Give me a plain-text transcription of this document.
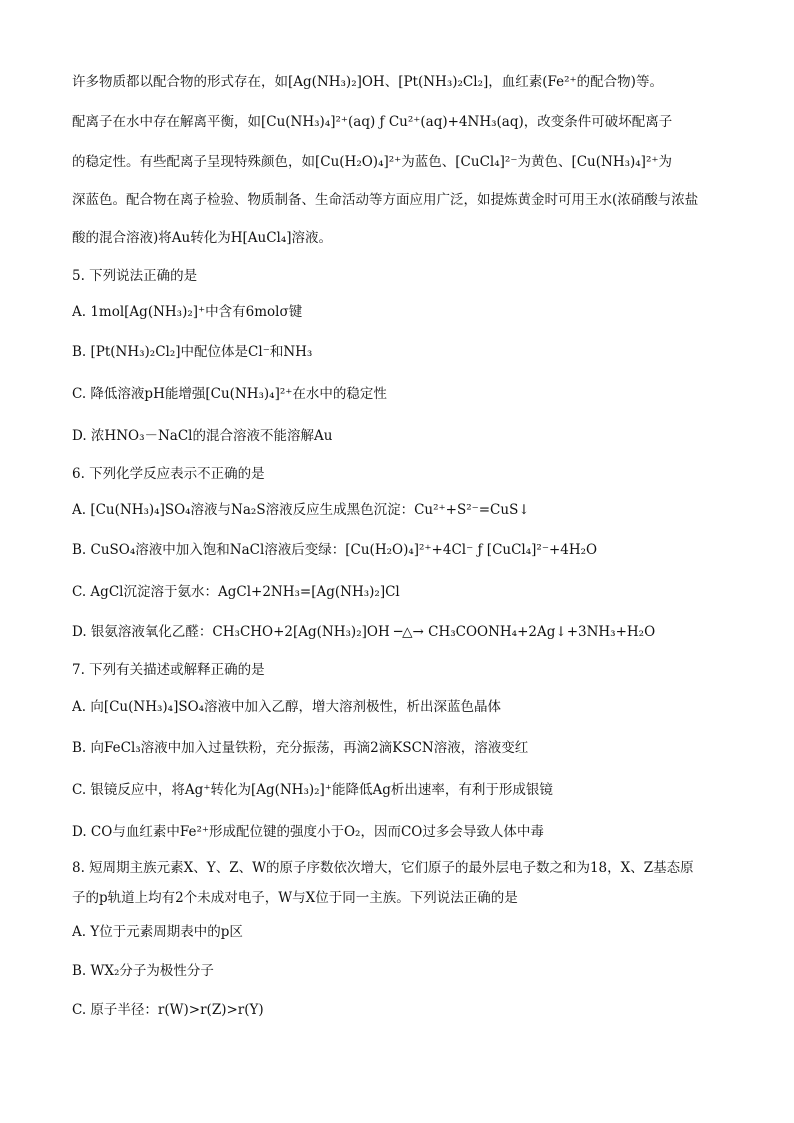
许多物质都以配合物的形式存在，如[Ag(NH₃)₂]OH、[Pt(NH₃)₂Cl₂]，血红素(Fe²⁺的配合物)等。
配离子在水中存在解离平衡，如[Cu(NH₃)₄]²⁺(aq) ƒ Cu²⁺(aq)+4NH₃(aq)，改变条件可破坏配离子
的稳定性。有些配离子呈现特殊颜色，如[Cu(H₂O)₄]²⁺为蓝色、[CuCl₄]²⁻为黄色、[Cu(NH₃)₄]²⁺为
深蓝色。配合物在离子检验、物质制备、生命活动等方面应用广泛，如提炼黄金时可用王水(浓硝酸与浓盐
酸的混合溶液)将Au转化为H[AuCl₄]溶液。
5. 下列说法正确的是
A. 1mol[Ag(NH₃)₂]⁺中含有6molσ键
B. [Pt(NH₃)₂Cl₂]中配位体是Cl⁻和NH₃
C. 降低溶液pH能增强[Cu(NH₃)₄]²⁺在水中的稳定性
D. 浓HNO₃－NaCl的混合溶液不能溶解Au
6. 下列化学反应表示不正确的是
A. [Cu(NH₃)₄]SO₄溶液与Na₂S溶液反应生成黑色沉淀：Cu²⁺+S²⁻=CuS↓
B. CuSO₄溶液中加入饱和NaCl溶液后变绿：[Cu(H₂O)₄]²⁺+4Cl⁻ ƒ [CuCl₄]²⁻+4H₂O
C. AgCl沉淀溶于氨水：AgCl+2NH₃=[Ag(NH₃)₂]Cl
D. 银氨溶液氧化乙醛：CH₃CHO+2[Ag(NH₃)₂]OH ─△→ CH₃COONH₄+2Ag↓+3NH₃+H₂O
7. 下列有关描述或解释正确的是
A. 向[Cu(NH₃)₄]SO₄溶液中加入乙醇，增大溶剂极性，析出深蓝色晶体
B. 向FeCl₃溶液中加入过量铁粉，充分振荡，再滴2滴KSCN溶液，溶液变红
C. 银镜反应中，将Ag⁺转化为[Ag(NH₃)₂]⁺能降低Ag析出速率，有利于形成银镜
D. CO与血红素中Fe²⁺形成配位键的强度小于O₂，因而CO过多会导致人体中毒
8. 短周期主族元素X、Y、Z、W的原子序数依次增大，它们原子的最外层电子数之和为18，X、Z基态原
子的p轨道上均有2个未成对电子，W与X位于同一主族。下列说法正确的是
A. Y位于元素周期表中的p区
B. WX₂分子为极性分子
C. 原子半径：r(W)>r(Z)>r(Y)
